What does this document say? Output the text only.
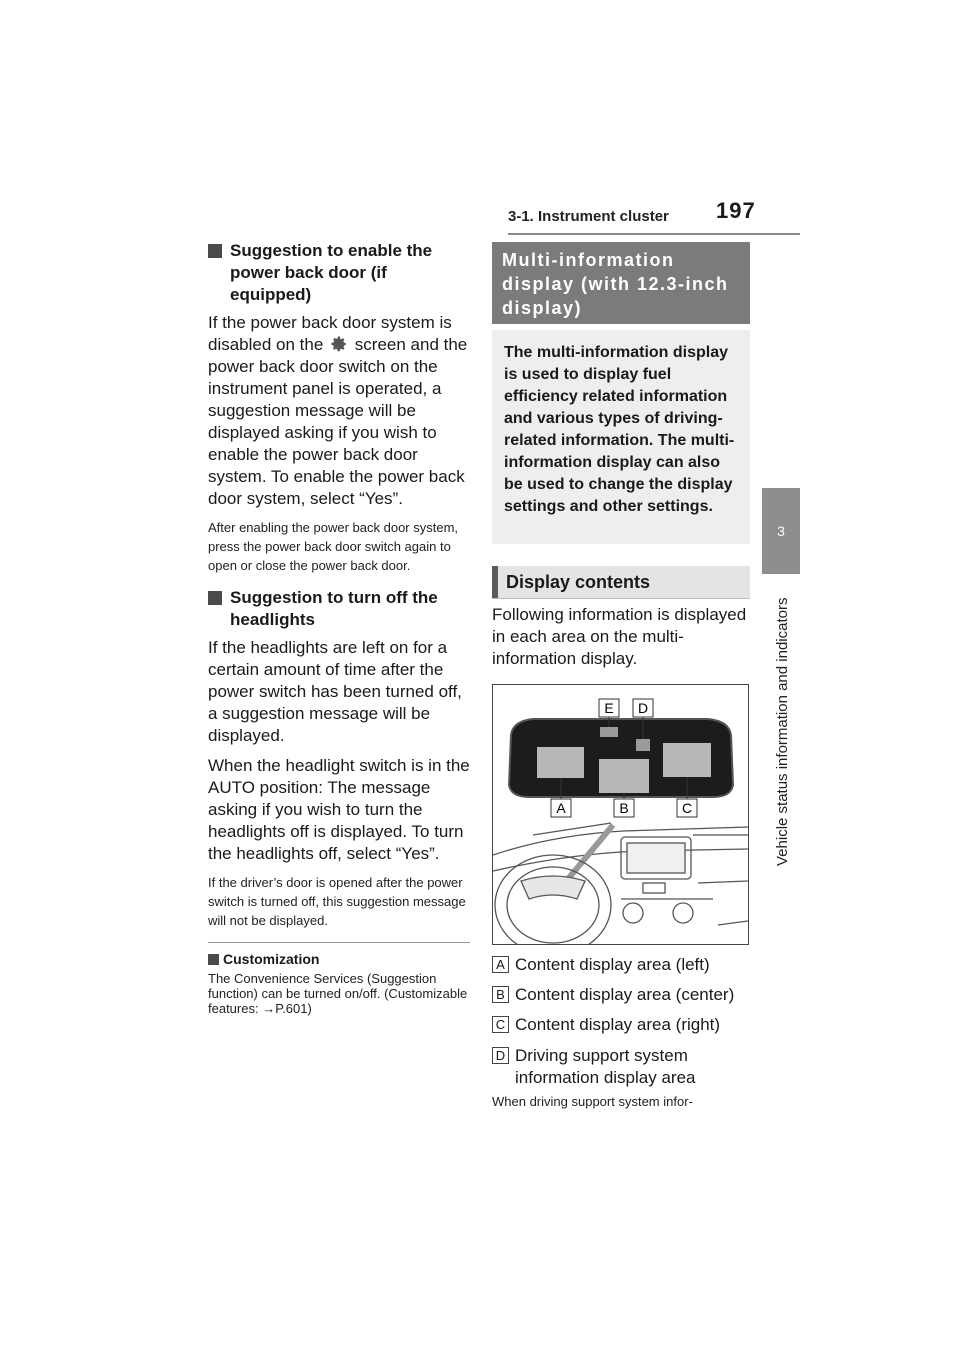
3-1. Instrument cluster 197
3
Vehicle status information and indicators
Suggestion to enable the power back door (if equipped)

If the power back door system is disabled on the screen and the power back door switch on the instrument panel is operated, a suggestion message will be displayed asking if you wish to enable the power back door system. To enable the power back door system, select “Yes”.

After enabling the power back door system, press the power back door switch again to open or close the power back door.

Suggestion to turn off the headlights

If the headlights are left on for a certain amount of time after the power switch has been turned off, a suggestion message will be displayed.

When the headlight switch is in the AUTO position: The message asking if you wish to turn the headlights off is displayed. To turn the headlights off, select “Yes”.

If the driver’s door is opened after the power switch is turned off, this suggestion message will not be displayed.

Customization
The Convenience Services (Suggestion function) can be turned on/off. (Customizable features: →P.601)
Multi-information display (with 12.3-inch display)
The multi-information display is used to display fuel efficiency related information and various types of driving-related information. The multi-information display can also be used to change the display settings and other settings.
Display contents
Following information is displayed in each area on the multi-information display.
E D
A	B	C
A Content display area (left)
B Content display area (center)
C Content display area (right)
D Driving support system information display area
When driving support system infor-
